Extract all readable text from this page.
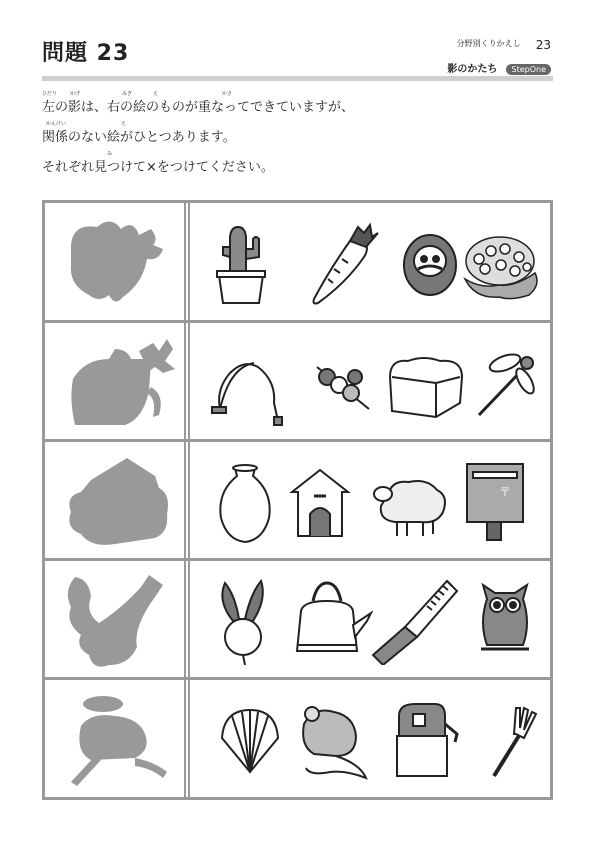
問題 23	分野別くりかえし 23
影のかたち StepOne
ひだり	かげ	みぎ	え	かさ
左の影は、右の絵のものが重なってできていますが、
かんけい	え
関係のない絵がひとつあります。
み
それぞれ見つけて×をつけてください。
〒
